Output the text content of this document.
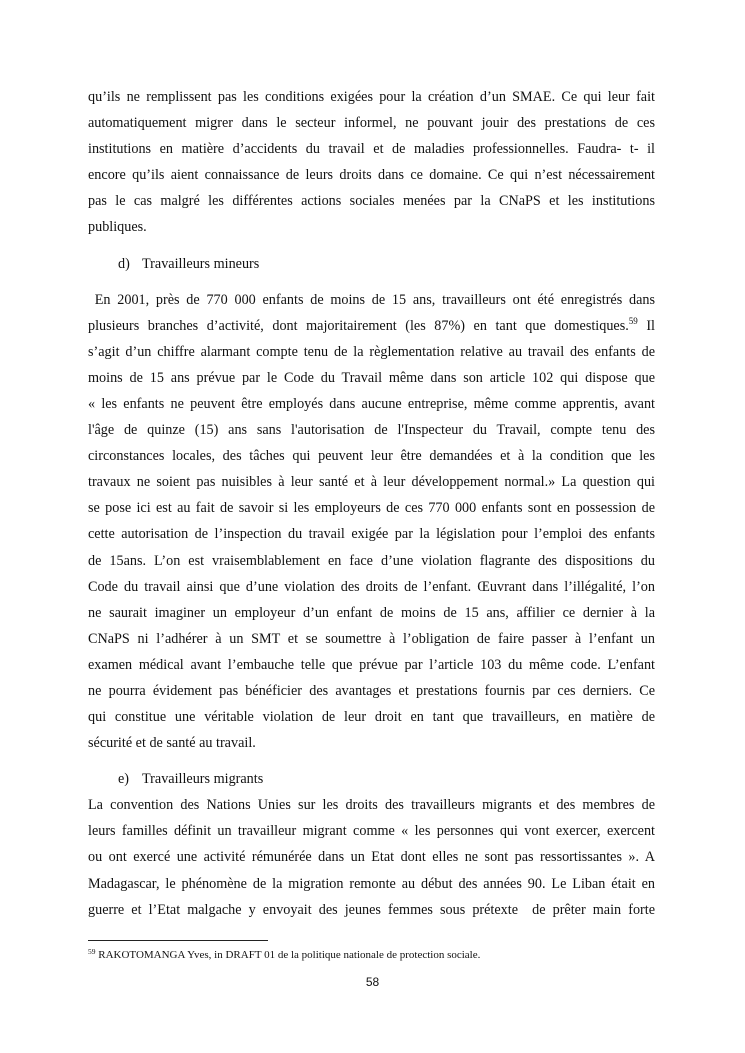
qu’ils ne remplissent pas les conditions exigées pour la création d’un SMAE. Ce qui leur fait
automatiquement migrer dans le secteur informel, ne pouvant jouir des prestations de ces
institutions en matière d’accidents du travail et de maladies professionnelles. Faudra- t- il
encore qu’ils aient connaissance de leurs droits dans ce domaine. Ce qui n’est nécessairement
pas le cas malgré les différentes actions sociales menées par la CNaPS et les institutions
publiques.

d) Travailleurs mineurs

En 2001, près de 770 000 enfants de moins de 15 ans, travailleurs ont été enregistrés dans
plusieurs branches d’activité, dont majoritairement (les 87%) en tant que domestiques.$^{59}$ Il
s’agit d’un chiffre alarmant compte tenu de la règlementation relative au travail des enfants de
moins de 15 ans prévue par le Code du Travail même dans son article 102 qui dispose que
« les enfants ne peuvent être employés dans aucune entreprise, même comme apprentis, avant
l'âge de quinze (15) ans sans l'autorisation de l'Inspecteur du Travail, compte tenu des
circonstances locales, des tâches qui peuvent leur être demandées et à la condition que les
travaux ne soient pas nuisibles à leur santé et à leur développement normal.» La question qui
se pose ici est au fait de savoir si les employeurs de ces 770 000 enfants sont en possession de
cette autorisation de l’inspection du travail exigée par la législation pour l’emploi des enfants
de 15ans. L’on est vraisemblablement en face d’une violation flagrante des dispositions du
Code du travail ainsi que d’une violation des droits de l’enfant. Œuvrant dans l’illégalité, l’on
ne saurait imaginer un employeur d’un enfant de moins de 15 ans, affilier ce dernier à la
CNaPS ni l’adhérer à un SMT et se soumettre à l’obligation de faire passer à l’enfant un
examen médical avant l’embauche telle que prévue par l’article 103 du même code. L’enfant
ne pourra évidement pas bénéficier des avantages et prestations fournis par ces derniers. Ce
qui constitue une véritable violation de leur droit en tant que travailleurs, en matière de
sécurité et de santé au travail.

e) Travailleurs migrants

La convention des Nations Unies sur les droits des travailleurs migrants et des membres de
leurs familles définit un travailleur migrant comme « les personnes qui vont exercer, exercent
ou ont exercé une activité rémunérée dans un Etat dont elles ne sont pas ressortissantes ». A
Madagascar, le phénomène de la migration remonte au début des années 90. Le Liban était en
guerre et l’Etat malgache y envoyait des jeunes femmes sous prétexte  de prêter main forte

$^{59}$ RAKOTOMANGA Yves, in DRAFT 01 de la politique nationale de protection sociale.
58
